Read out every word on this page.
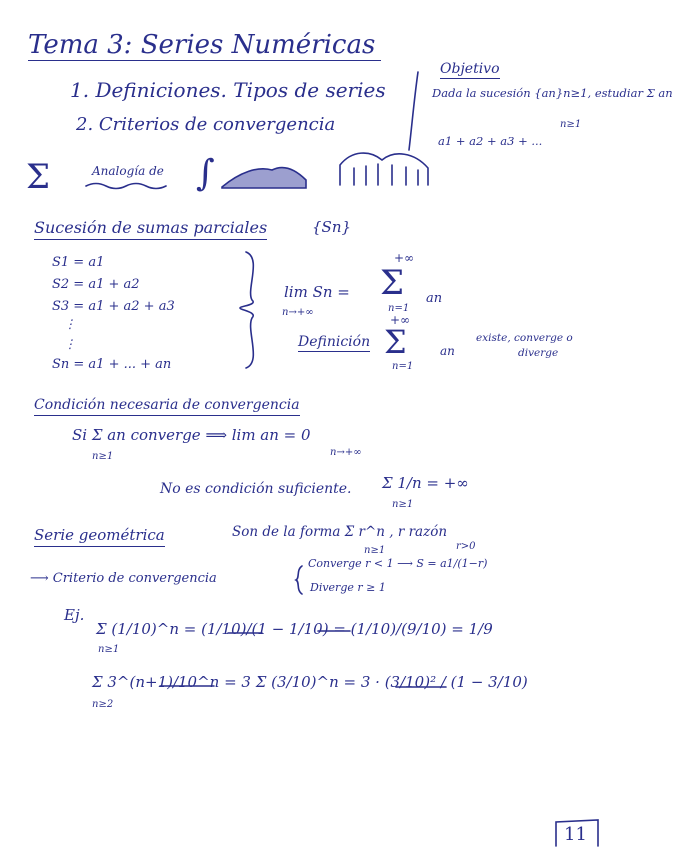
Tema 3: Series Numéricas
1. Definiciones. Tipos de series
2. Criterios de convergencia
Objetivo
Dada la sucesión {an}n≥1, estudiar Σ an
n≥1
a1 + a2 + a3 + ...
Σ	Analogía de ∫
Sucesión de sumas parciales	{Sn}
S1 = a1
S2 = a1 + a2
S3 = a1 + a2 + a3
⋮
⋮
Sn = a1 + ... + an
+∞
lim Sn = Σ an
n→+∞	n=1
+∞
Definición Σ	an
n=1
existe, converge o
diverge
Condición necesaria de convergencia
Si Σ an converge ⟹ lim an = 0
n≥1	n→+∞
No es condición suficiente. Σ 1/n = +∞
n≥1
Serie geométrica	Son de la forma Σ r^n , r razón
n≥1	r>0
⟶ Criterio de convergencia
Converge r < 1 ⟶ S = a1/(1−r)
Diverge r ≥ 1
Ej.
Σ (1/10)^n = (1/10)/(1 − 1/10) = (1/10)/(9/10) = 1/9
n≥1
Σ 3^(n+1)/10^n = 3 Σ (3/10)^n = 3 · (3/10)² / (1 − 3/10)
n≥2
11
